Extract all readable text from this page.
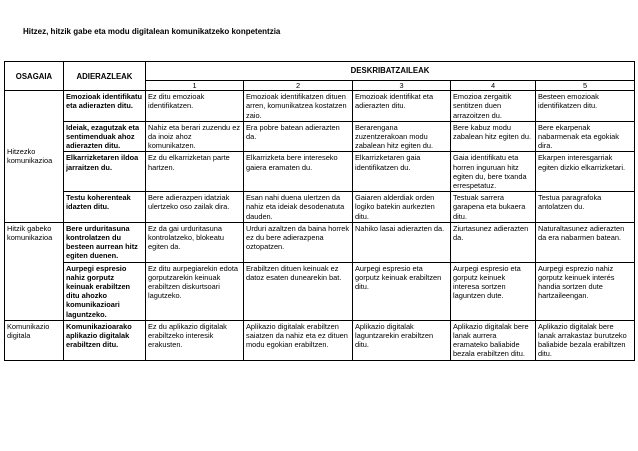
Hitzez, hitzik gabe eta modu digitalean komunikatzeko konpetentzia
OSAGAIA	ADIERAZLEAK	DESKRIBATZAILEAK				
		1	2	3	4	5
Hitzezko komunikazioa	Emozioak identifikatu eta adierazten ditu.	Ez ditu emozioak identifikatzen.	Emozioak identifikatzen dituen arren, komunikatzea kostatzen zaio.	Emozioak identifikat eta adierazten ditu.	Emozioa zergaitik sentitzen duen arrazoitzen du.	Besteen emozioak identifikatzen ditu.
	Ideiak, ezagutzak eta sentimenduak ahoz adierazten ditu.	Nahiz eta berari zuzendu ez da inoiz ahoz komunikatzen.	Era pobre batean adierazten da.	Berarengana zuzentzerakoan modu zabalean hitz egiten du.	Bere kabuz modu zabalean hitz egiten du.	Bere ekarpenak nabarmenak eta egokiak dira.
	Elkarrizketaren ildoa jarraitzen du.	Ez du elkarrizketan parte hartzen.	Elkarrizketa bere intereseko gaiera eramaten du.	Elkarrizketaren gaia identifikatzen du.	Gaia identifikatu eta horren inguruan hitz egiten du, bere txanda errespetatuz.	Ekarpen interesgarriak egiten dizkio elkarrizketari.
	Testu koherenteak idazten ditu.	Bere adierazpen idatziak ulertzeko oso zailak dira.	Esan nahi duena ulertzen da nahiz eta ideiak desodenatuta dauden.	Gaiaren alderdiak orden logiko batekin aurkezten ditu.	Testuak sarrera garapena eta bukaera ditu.	Testua paragrafoka antolatzen du.
Hitzik gabeko komunikazioa	Bere urduritasuna kontrolatzen du besteen aurrean hitz egiten duenen.	Ez da gai urduritasuna kontrolatzeko, blokeatu egiten da.	Urduri azaltzen da baina horrek ez du bere adierazpena oztopatzen.	Nahiko lasai adierazten da.	Ziurtasunez adierazten da.	Naturaltasunez adierazten da era nabarmen batean.
	Aurpegi espresio nahiz gorputz keinuak erabiltzen ditu ahozko komunikazioari laguntzeko.	Ez ditu aurpegiarekin edota gorputzarekin keinuak erabiltzen diskurtsoari lagutzeko.	Erabiltzen dituen keinuak ez datoz esaten dunearekin bat.	Aurpegi espresio eta gorputz keinuak erabiltzen ditu.	Aurpegi espresio eta gorputz keinuek interesa sortzen laguntzen dute.	Aurpegi esprezio nahiz gorputz keinuek interés handia sortzen dute hartzaileengan.
Komunikazio digitala	Komunikazioarako aplikazio digitalak erabiltzen ditu.	Ez du aplikazio digitalak erabiltzeko interesik erakusten.	Aplikazio digitalak erabiltzen saiatzen da nahiz eta ez dituen modu egokian erabiltzen.	Aplikazio digitalak laguntzarekin erabiltzen ditu.	Aplikazio digitalak bere lanak aurrera eramateko baliabide bezala erabiltzen ditu.	Aplikazio digitalak bere lanak arrakastaz burutzeko baliabide bezala erabiltzen ditu.
